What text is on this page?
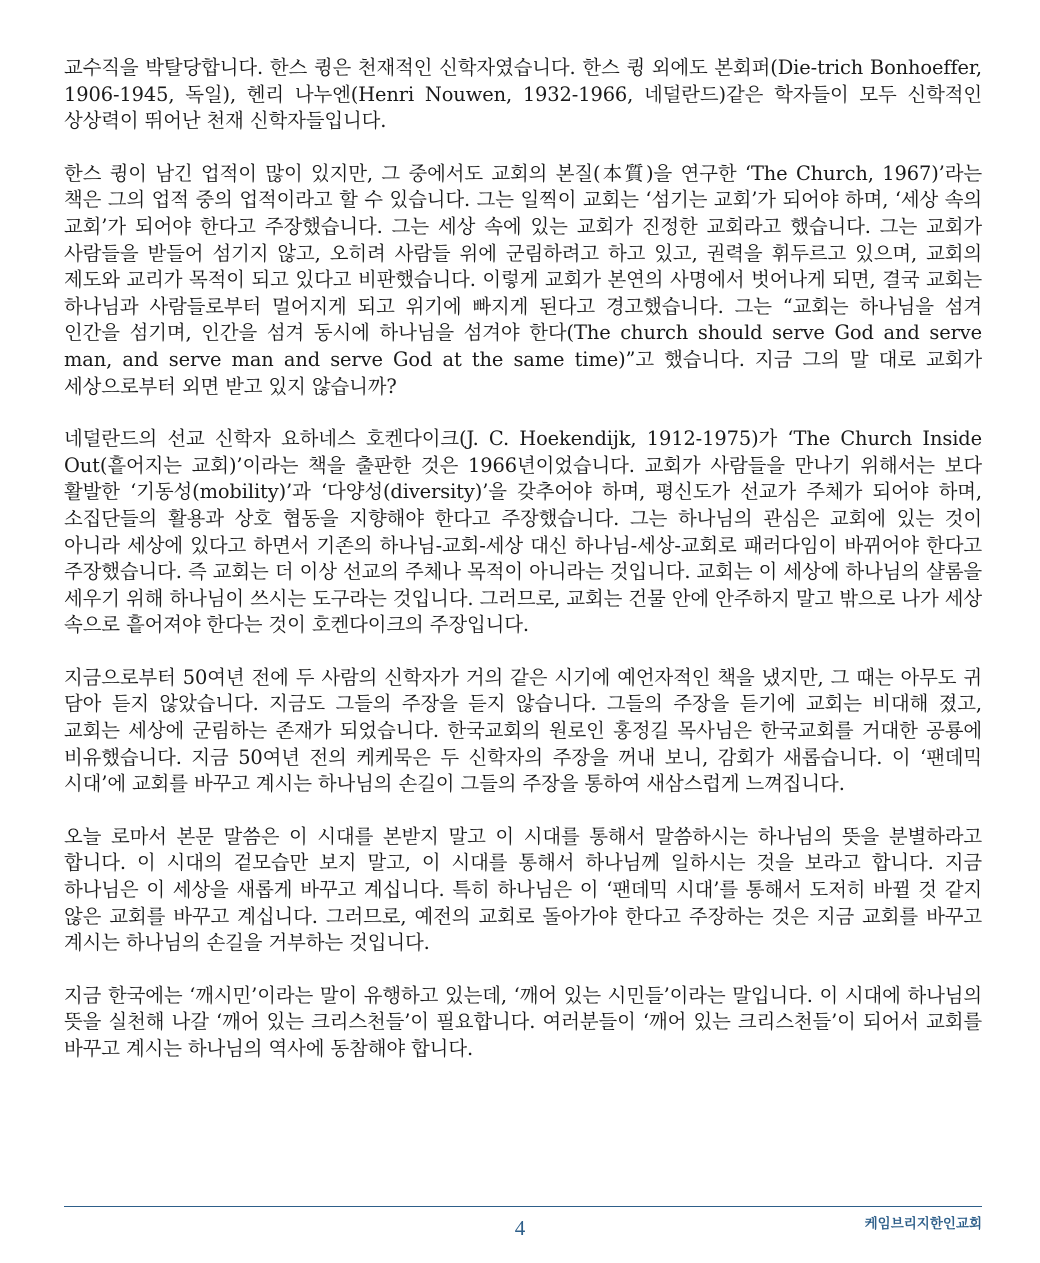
교수직을 박탈당합니다. 한스 큉은 천재적인 신학자였습니다. 한스 큉 외에도 본회퍼(Die-trich Bonhoeffer, 1906-1945, 독일), 헨리 나누엔(Henri Nouwen, 1932-1966, 네덜란드)같은 학자들이 모두 신학적인 상상력이 뛰어난 천재 신학자들입니다.

한스 큉이 남긴 업적이 많이 있지만, 그 중에서도 교회의 본질(本質)을 연구한 ‘The Church, 1967)’라는 책은 그의 업적 중의 업적이라고 할 수 있습니다. 그는 일찍이 교회는 ‘섬기는 교회’가 되어야 하며, ‘세상 속의 교회’가 되어야 한다고 주장했습니다. 그는 세상 속에 있는 교회가 진정한 교회라고 했습니다. 그는 교회가 사람들을 받들어 섬기지 않고, 오히려 사람들 위에 군림하려고 하고 있고, 권력을 휘두르고 있으며, 교회의 제도와 교리가 목적이 되고 있다고 비판했습니다. 이렇게 교회가 본연의 사명에서 벗어나게 되면, 결국 교회는 하나님과 사람들로부터 멀어지게 되고 위기에 빠지게 된다고 경고했습니다. 그는 “교회는 하나님을 섬겨 인간을 섬기며, 인간을 섬겨 동시에 하나님을 섬겨야 한다(The church should serve God and serve man, and serve man and serve God at the same time)”고 했습니다. 지금 그의 말 대로 교회가 세상으로부터 외면 받고 있지 않습니까?

네덜란드의 선교 신학자 요하네스 호켄다이크(J. C. Hoekendijk, 1912-1975)가 ‘The Church Inside Out(흩어지는 교회)’이라는 책을 출판한 것은 1966년이었습니다. 교회가 사람들을 만나기 위해서는 보다 활발한 ‘기동성(mobility)’과 ‘다양성(diversity)’을 갖추어야 하며, 평신도가 선교가 주체가 되어야 하며, 소집단들의 활용과 상호 협동을 지향해야 한다고 주장했습니다. 그는 하나님의 관심은 교회에 있는 것이 아니라 세상에 있다고 하면서 기존의 하나님-교회-세상 대신 하나님-세상-교회로 패러다임이 바뀌어야 한다고 주장했습니다. 즉 교회는 더 이상 선교의 주체나 목적이 아니라는 것입니다. 교회는 이 세상에 하나님의 샬롬을 세우기 위해 하나님이 쓰시는 도구라는 것입니다. 그러므로, 교회는 건물 안에 안주하지 말고 밖으로 나가 세상 속으로 흩어져야 한다는 것이 호켄다이크의 주장입니다.

지금으로부터 50여년 전에 두 사람의 신학자가 거의 같은 시기에 예언자적인 책을 냈지만, 그 때는 아무도 귀 담아 듣지 않았습니다. 지금도 그들의 주장을 듣지 않습니다. 그들의 주장을 듣기에 교회는 비대해 졌고, 교회는 세상에 군림하는 존재가 되었습니다. 한국교회의 원로인 홍정길 목사님은 한국교회를 거대한 공룡에 비유했습니다. 지금 50여년 전의 케케묵은 두 신학자의 주장을 꺼내 보니, 감회가 새롭습니다. 이 ‘팬데믹 시대’에 교회를 바꾸고 계시는 하나님의 손길이 그들의 주장을 통하여 새삼스럽게 느껴집니다.

오늘 로마서 본문 말씀은 이 시대를 본받지 말고 이 시대를 통해서 말씀하시는 하나님의 뜻을 분별하라고 합니다. 이 시대의 겉모습만 보지 말고, 이 시대를 통해서 하나님께 일하시는 것을 보라고 합니다. 지금 하나님은 이 세상을 새롭게 바꾸고 계십니다. 특히 하나님은 이 ‘팬데믹 시대’를 통해서 도저히 바뀔 것 같지 않은 교회를 바꾸고 계십니다. 그러므로, 예전의 교회로 돌아가야 한다고 주장하는 것은 지금 교회를 바꾸고 계시는 하나님의 손길을 거부하는 것입니다.

지금 한국에는 ‘깨시민’이라는 말이 유행하고 있는데, ‘깨어 있는 시민들’이라는 말입니다. 이 시대에 하나님의 뜻을 실천해 나갈 ‘깨어 있는 크리스천들’이 필요합니다. 여러분들이 ‘깨어 있는 크리스천들’이 되어서 교회를 바꾸고 계시는 하나님의 역사에 동참해야 합니다.

4	케임브리지한인교회
